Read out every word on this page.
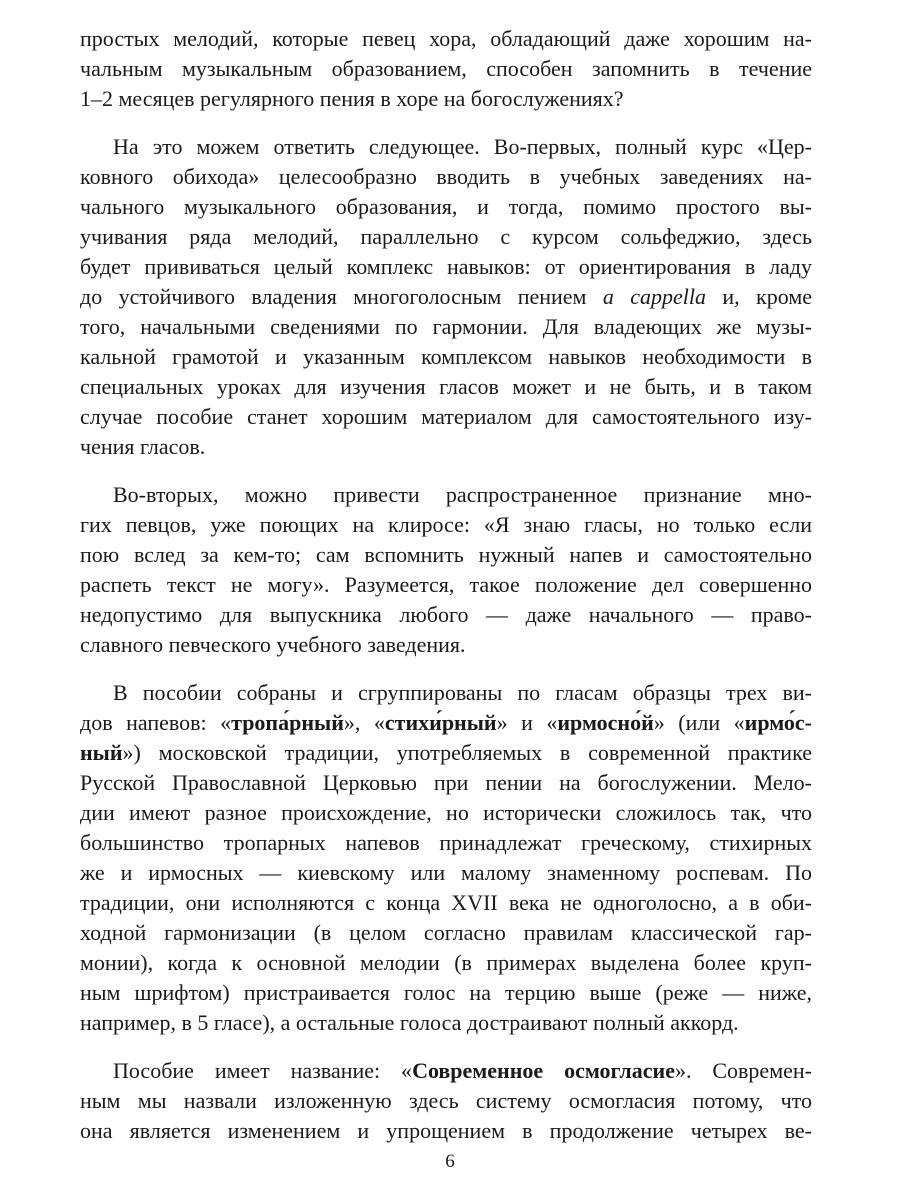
простых мелодий, которые певец хора, обладающий даже хорошим на-
чальным музыкальным образованием, способен запомнить в течение
1–2 месяцев регулярного пения в хоре на богослужениях?
На это можем ответить следующее. Во-первых, полный курс «Цер-
ковного обихода» целесообразно вводить в учебных заведениях на-
чального музыкального образования, и тогда, помимо простого вы-
учивания ряда мелодий, параллельно с курсом сольфеджио, здесь
будет прививаться целый комплекс навыков: от ориентирования в ладу
до устойчивого владения многоголосным пением a cappella и, кроме
того, начальными сведениями по гармонии. Для владеющих же музы-
кальной грамотой и указанным комплексом навыков необходимости в
специальных уроках для изучения гласов может и не быть, и в таком
случае пособие станет хорошим материалом для самостоятельного изу-
чения гласов.
Во-вторых, можно привести распространенное признание мно-
гих певцов, уже поющих на клиросе: «Я знаю гласы, но только если
пою вслед за кем-то; сам вспомнить нужный напев и самостоятельно
распеть текст не могу». Разумеется, такое положение дел совершенно
недопустимо для выпускника любого — даже начального — право-
славного певческого учебного заведения.
В пособии собраны и сгруппированы по гласам образцы трех ви-
дов напевов: «тропа́рный», «стихи́рный» и «ирмосно́й» (или «ирмо́с-
ный») московской традиции, употребляемых в современной практике
Русской Православной Церковью при пении на богослужении. Мело-
дии имеют разное происхождение, но исторически сложилось так, что
большинство тропарных напевов принадлежат греческому, стихирных
же и ирмосных — киевскому или малому знаменному роспевам. По
традиции, они исполняются с конца XVII века не одноголосно, а в оби-
ходной гармонизации (в целом согласно правилам классической гар-
монии), когда к основной мелодии (в примерах выделена более круп-
ным шрифтом) пристраивается голос на терцию выше (реже — ниже,
например, в 5 гласе), а остальные голоса достраивают полный аккорд.
Пособие имеет название: «Современное осмогласие». Современ-
ным мы назвали изложенную здесь систему осмогласия потому, что
она является изменением и упрощением в продолжение четырех ве-
6
